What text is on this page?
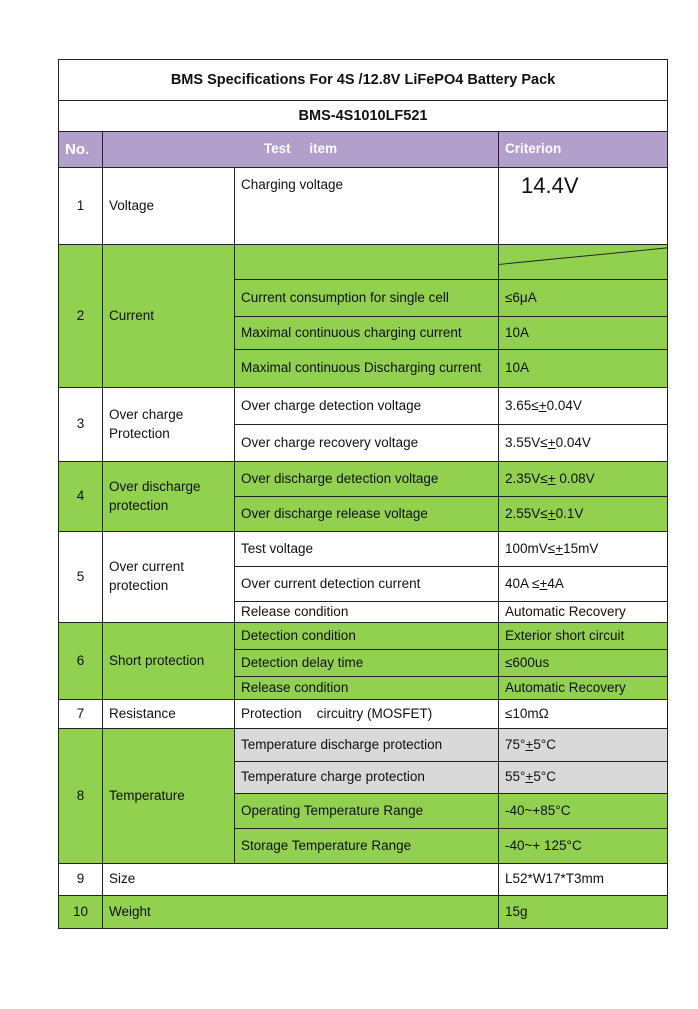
BMS Specifications For 4S /12.8V LiFePO4 Battery Pack			
BMS-4S1010LF521			
No.	Test     item		Criterion
1	Voltage	Charging voltage	14.4V
2	Current		

		Current consumption for single cell	≤6μA
		Maximal continuous charging current	10A
		Maximal continuous Discharging current	10A
3	Over charge Protection	Over charge detection voltage	3.65≤+0.04V
		Over charge recovery voltage	3.55V≤+0.04V
4	Over discharge protection	Over discharge detection voltage	2.35V≤+ 0.08V
		Over discharge release voltage	2.55V≤+0.1V
5	Over current protection	Test voltage	100mV≤+15mV
		Over current detection current	40A ≤+4A
		Release condition	Automatic Recovery
6	Short protection	Detection condition	Exterior short circuit
		Detection delay time	≤600us
		Release condition	Automatic Recovery
7	Resistance	Protection    circuitry (MOSFET)	≤10mΩ
8	Temperature	Temperature discharge protection	75°+5°C
		Temperature charge protection	55°+5°C
		Operating Temperature Range	-40~+85°C
		Storage Temperature Range	-40~+ 125°C
9	Size		L52*W17*T3mm
10	Weight		15g
